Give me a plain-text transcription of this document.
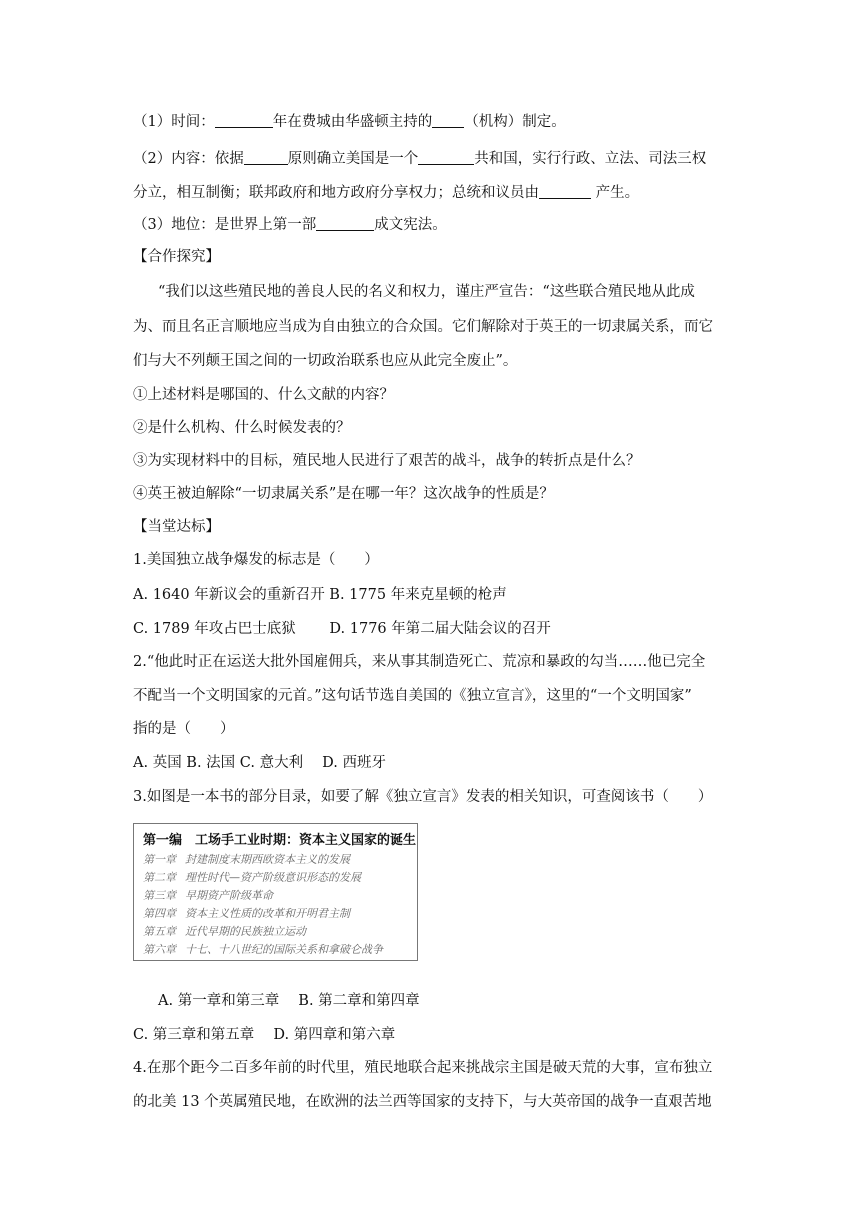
（1）时间：	年在费城由华盛顿主持的 （机构）制定。
（2）内容：依据	原则确立美国是一个	共和国，实行行政、立法、司法三权
分立，相互制衡；联邦政府和地方政府分享权力；总统和议员由	产生。
（3）地位：是世界上第一部	成文宪法。
【合作探究】
“我们以这些殖民地的善良人民的名义和权力，谨庄严宣告：“这些联合殖民地从此成
为、而且名正言顺地应当成为自由独立的合众国。它们解除对于英王的一切隶属关系，而它
们与大不列颠王国之间的一切政治联系也应从此完全废止”。
①上述材料是哪国的、什么文献的内容？
②是什么机构、什么时候发表的？
③为实现材料中的目标，殖民地人民进行了艰苦的战斗，战争的转折点是什么？
④英王被迫解除“一切隶属关系”是在哪一年？这次战争的性质是？
【当堂达标】
1.美国独立战争爆发的标志是（　　）
A. 1640 年新议会的重新召开 B. 1775 年来克星顿的枪声
C. 1789 年攻占巴士底狱　　 D. 1776 年第二届大陆会议的召开
2.“他此时正在运送大批外国雇佣兵，来从事其制造死亡、荒凉和暴政的勾当……他已完全
不配当一个文明国家的元首。”这句话节选自美国的《独立宣言》，这里的“一个文明国家”
指的是（　　）
A. 英国 B. 法国 C. 意大利　 D. 西班牙
3.如图是一本书的部分目录，如要了解《独立宣言》发表的相关知识，可查阅该书（　　）
第一编　工场手工业时期：资本主义国家的诞生
第一章 封建制度末期西欧资本主义的发展
第二章 理性时代—资产阶级意识形态的发展
第三章 早期资产阶级革命
第四章 资本主义性质的改革和开明君主制
第五章 近代早期的民族独立运动
第六章 十七、十八世纪的国际关系和拿破仑战争
A. 第一章和第三章　 B. 第二章和第四章
C. 第三章和第五章　 D. 第四章和第六章
4.在那个距今二百多年前的时代里，殖民地联合起来挑战宗主国是破天荒的大事，宣布独立
的北美 13 个英属殖民地，在欧洲的法兰西等国家的支持下，与大英帝国的战争一直艰苦地
